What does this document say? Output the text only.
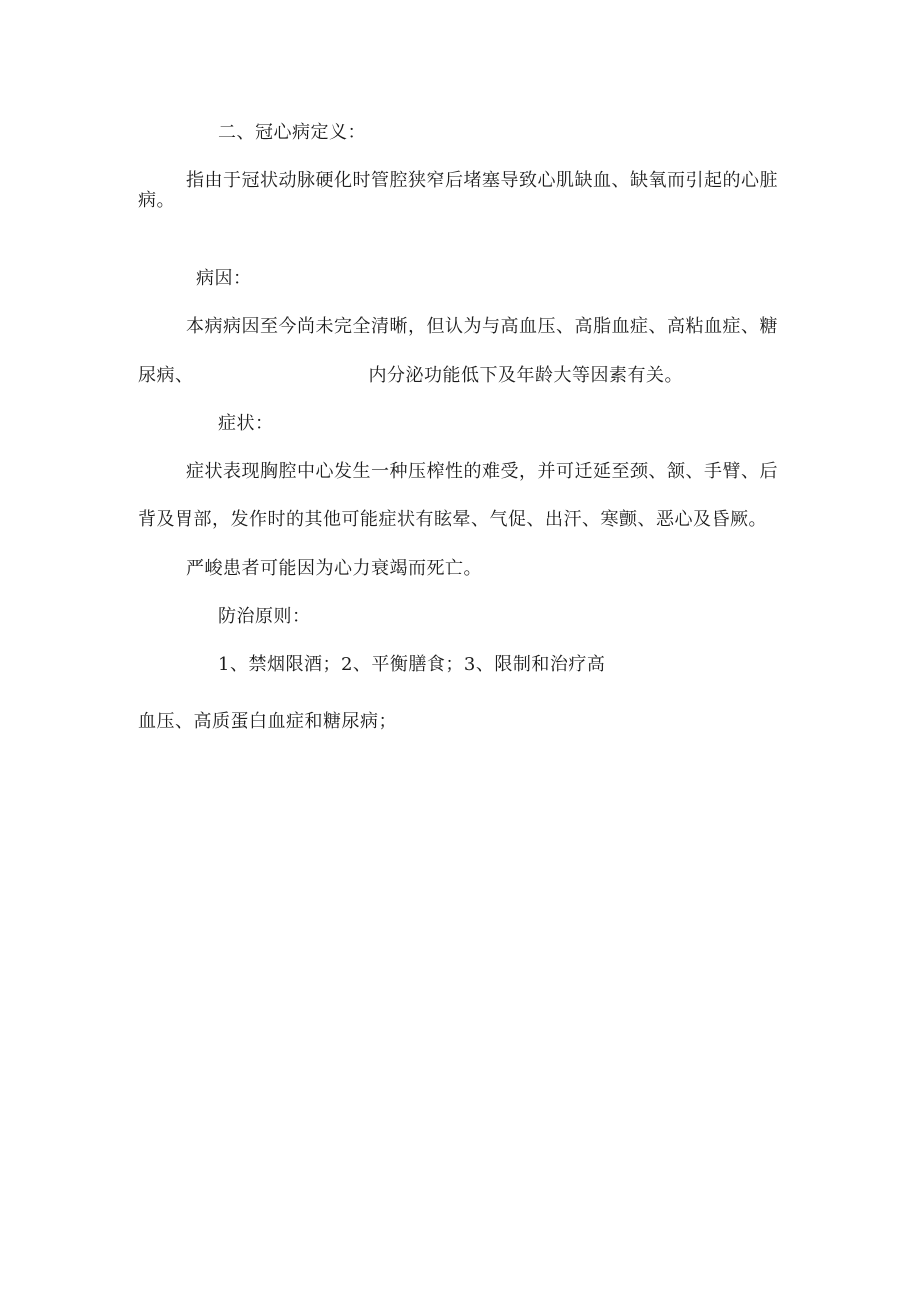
二、冠心病定义：
指由于冠状动脉硬化时管腔狭窄后堵塞导致心肌缺血、缺氧而引起的心脏
病。
病因：
本病病因至今尚未完全清晰，但认为与高血压、高脂血症、高粘血症、糖
尿病、	内分泌功能低下及年龄大等因素有关。
症状：
症状表现胸腔中心发生一种压榨性的难受，并可迁延至颈、颔、手臂、后
背及胃部，发作时的其他可能症状有眩晕、气促、出汗、寒颤、恶心及昏厥。
严峻患者可能因为心力衰竭而死亡。
防治原则：
1、禁烟限酒；2、平衡膳食；3、限制和治疗高
血压、高质蛋白血症和糖尿病；
